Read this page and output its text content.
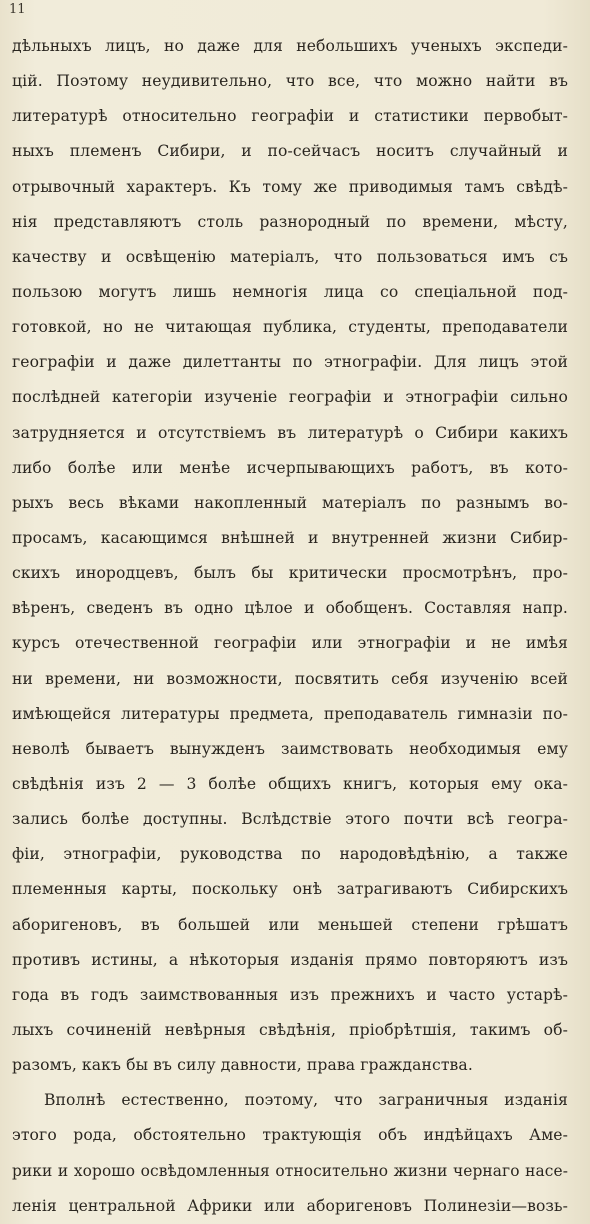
11
дѣльныхъ лицъ, но даже для небольшихъ ученыхъ экспеди-
цій. Поэтому неудивительно, что все, что можно найти въ
литературѣ относительно географіи и статистики первобыт-
ныхъ племенъ Сибири, и по-сейчасъ носитъ случайный и
отрывочный характеръ. Къ тому же приводимыя тамъ свѣдѣ-
нія представляютъ столь разнородный по времени, мѣсту,
качеству и освѣщенію матеріалъ, что пользоваться имъ съ
пользою могутъ лишь немногія лица со спеціальной под-
готовкой, но не читающая публика, студенты, преподаватели
географіи и даже дилеттанты по этнографіи. Для лицъ этой
послѣдней категоріи изученіе географіи и этнографіи сильно
затрудняется и отсутствіемъ въ литературѣ о Сибири какихъ
либо болѣе или менѣе исчерпывающихъ работъ, въ кото-
рыхъ весь вѣками накопленный матеріалъ по разнымъ во-
просамъ, касающимся внѣшней и внутренней жизни Сибир-
скихъ инородцевъ, былъ бы критически просмотрѣнъ, про-
вѣренъ, сведенъ въ одно цѣлое и обобщенъ. Составляя напр.
курсъ отечественной географіи или этнографіи и не имѣя
ни времени, ни возможности, посвятить себя изученію всей
имѣющейся литературы предмета, преподаватель гимназіи по-
неволѣ бываетъ вынужденъ заимствовать необходимыя ему
свѣдѣнія изъ 2 — 3 болѣе общихъ книгъ, которыя ему ока-
зались болѣе доступны. Вслѣдствіе этого почти всѣ геогра-
фіи, этнографіи, руководства по народовѣдѣнію, а также
племенныя карты, поскольку онѣ затрагиваютъ Сибирскихъ
аборигеновъ, въ большей или меньшей степени грѣшатъ
противъ истины, а нѣкоторыя изданія прямо повторяютъ изъ
года въ годъ заимствованныя изъ прежнихъ и часто устарѣ-
лыхъ сочиненій невѣрныя свѣдѣнія, пріобрѣтшія, такимъ об-
разомъ, какъ бы въ силу давности, права гражданства.
Вполнѣ естественно, поэтому, что заграничныя изданія
этого рода, обстоятельно трактующія объ индѣйцахъ Аме-
рики и хорошо освѣдомленныя относительно жизни чернаго насе-
ленія центральной Африки или аборигеновъ Полинезіи—возь-
